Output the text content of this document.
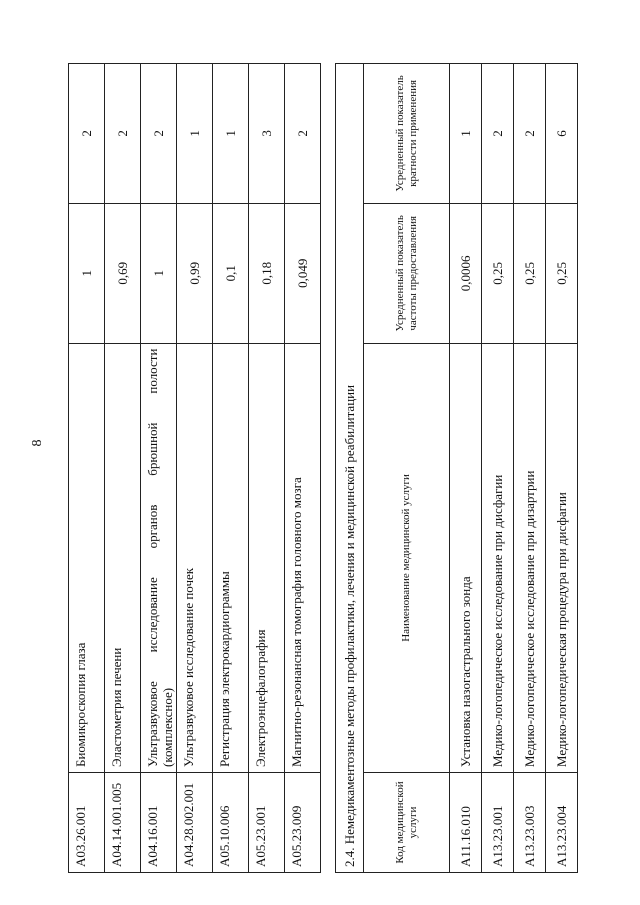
8
A03.26.001	Биомикроскопия глаза	1	2
A04.14.001.005	Эластометрия печени	0,69	2
A04.16.001	Ультразвуковое исследование органов брюшной полости (комплексное)	1	2
A04.28.002.001	Ультразвуковое исследование почек	0,99	1
A05.10.006	Регистрация электрокардиограммы	0,1	1
A05.23.001	Электроэнцефалография	0,18	3
A05.23.009	Магнитно-резонансная томография головного мозга	0,049	2
2.4. Немедикаментозные методы профилактики, лечения и медицинской реабилитации			
Код медицинской услуги	Наименование медицинской услуги	Усредненный показатель частоты предоставления	Усредненный показатель кратности применения
A11.16.010	Установка назогастрального зонда	0,0006	1
A13.23.001	Медико-логопедическое исследование при дисфагии	0,25	2
A13.23.003	Медико-логопедическое исследование при дизартрии	0,25	2
A13.23.004	Медико-логопедическая процедура при дисфагии	0,25	6
